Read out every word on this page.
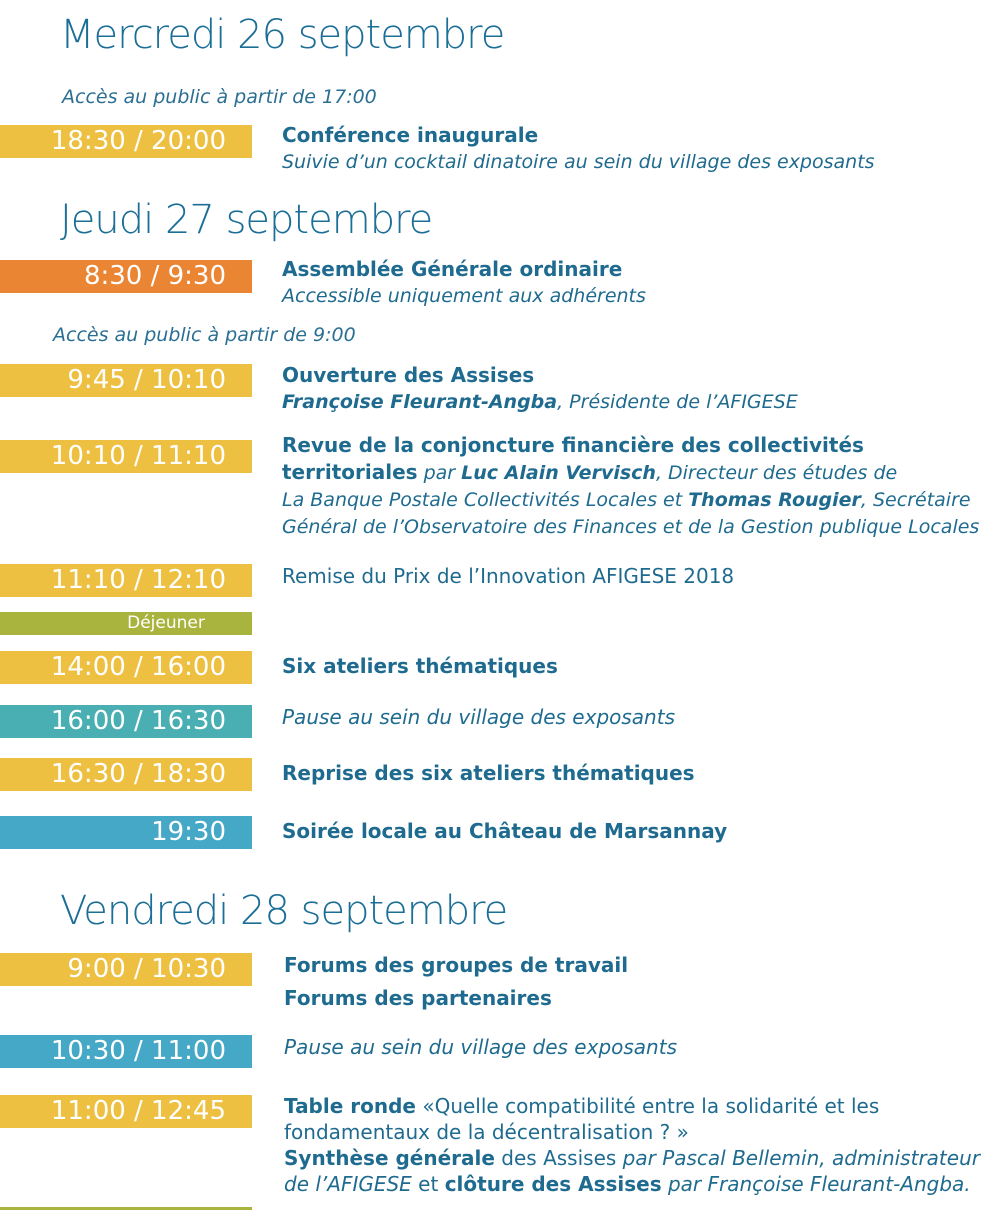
Mercredi 26 septembre
Accès au public à partir de 17:00
18:30 / 20:00	Conférence inaugurale
Suivie d’un cocktail dinatoire au sein du village des exposants
Jeudi 27 septembre
8:30 / 9:30	Assemblée Générale ordinaire
Accessible uniquement aux adhérents
Accès au public à partir de 9:00
9:45 / 10:10	Ouverture des Assises
Françoise Fleurant-Angba, Présidente de l’AFIGESE
10:10 / 11:10	Revue de la conjoncture financière des collectivités
territoriales par Luc Alain Vervisch, Directeur des études de
La Banque Postale Collectivités Locales et Thomas Rougier, Secrétaire
Général de l’Observatoire des Finances et de la Gestion publique Locales
11:10 / 12:10	Remise du Prix de l’Innovation AFIGESE 2018
Déjeuner
14:00 / 16:00	Six ateliers thématiques
16:00 / 16:30	Pause au sein du village des exposants
16:30 / 18:30	Reprise des six ateliers thématiques
19:30	Soirée locale au Château de Marsannay
Vendredi 28 septembre
9:00 / 10:30	Forums des groupes de travail
Forums des partenaires
10:30 / 11:00	Pause au sein du village des exposants
11:00 / 12:45	Table ronde «Quelle compatibilité entre la solidarité et les
fondamentaux de la décentralisation ? »
Synthèse générale des Assises par Pascal Bellemin, administrateur
de l’AFIGESE et clôture des Assises par Françoise Fleurant-Angba.
